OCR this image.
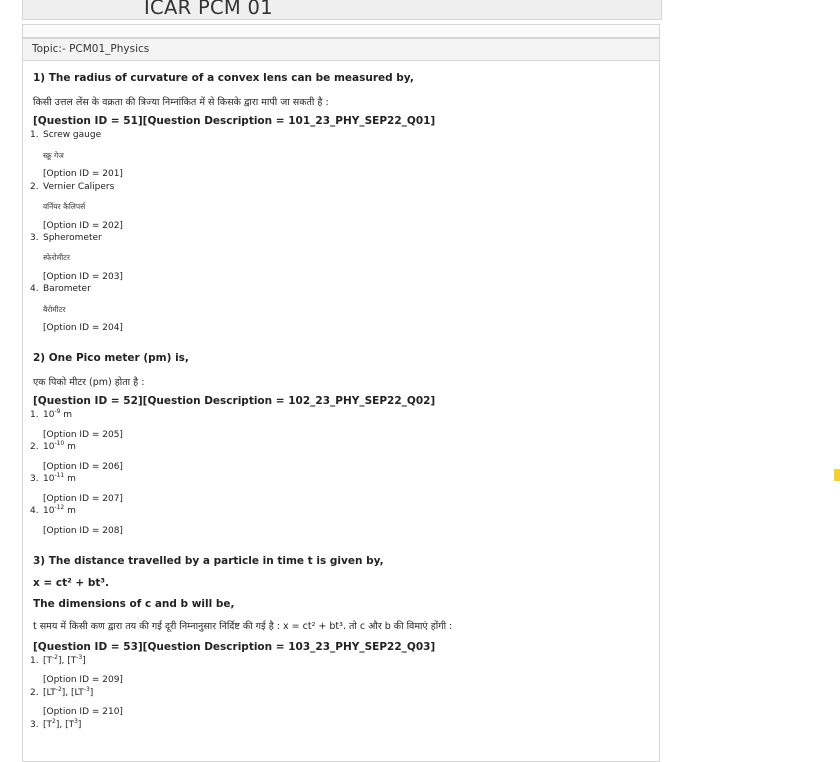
ICAR PCM 01
Topic:- PCM01_Physics
1) The radius of curvature of a convex lens can be measured by,
किसी उत्तल लेंस के वक्रता की त्रिज्या निम्नांकित में से किसके द्वारा मापी जा सकती है :
[Question ID = 51][Question Description = 101_23_PHY_SEP22_Q01]
1. Screw gauge
स्क्रू गेज
[Option ID = 201]
2. Vernier Calipers
वर्नियर कैलिपर्स
[Option ID = 202]
3. Spherometer
स्फेरोमीटर
[Option ID = 203]
4. Barometer
बैरोमीटर
[Option ID = 204]
2) One Pico meter (pm) is,
एक पिको मीटर (pm) होता है :
[Question ID = 52][Question Description = 102_23_PHY_SEP22_Q02]
1. $10^{-9}$ m
[Option ID = 205]
2. $10^{-10}$ m
[Option ID = 206]
3. $10^{-11}$ m
[Option ID = 207]
4. $10^{-12}$ m
[Option ID = 208]
3) The distance travelled by a particle in time t is given by,
x = ct² + bt³.
The dimensions of c and b will be,
t समय में किसी कण द्वारा तय की गई दूरी निम्नानुसार निर्दिष्ट की गई है : x = ct² + bt³. तो c और b की विमाएं होंगी :
[Question ID = 53][Question Description = 103_23_PHY_SEP22_Q03]
1. $[T^{-2}]$, $[T^{-3}]$
[Option ID = 209]
2. $[LT^{-2}]$, $[LT^{-3}]$
[Option ID = 210]
3. $[T^2]$, $[T^3]$
